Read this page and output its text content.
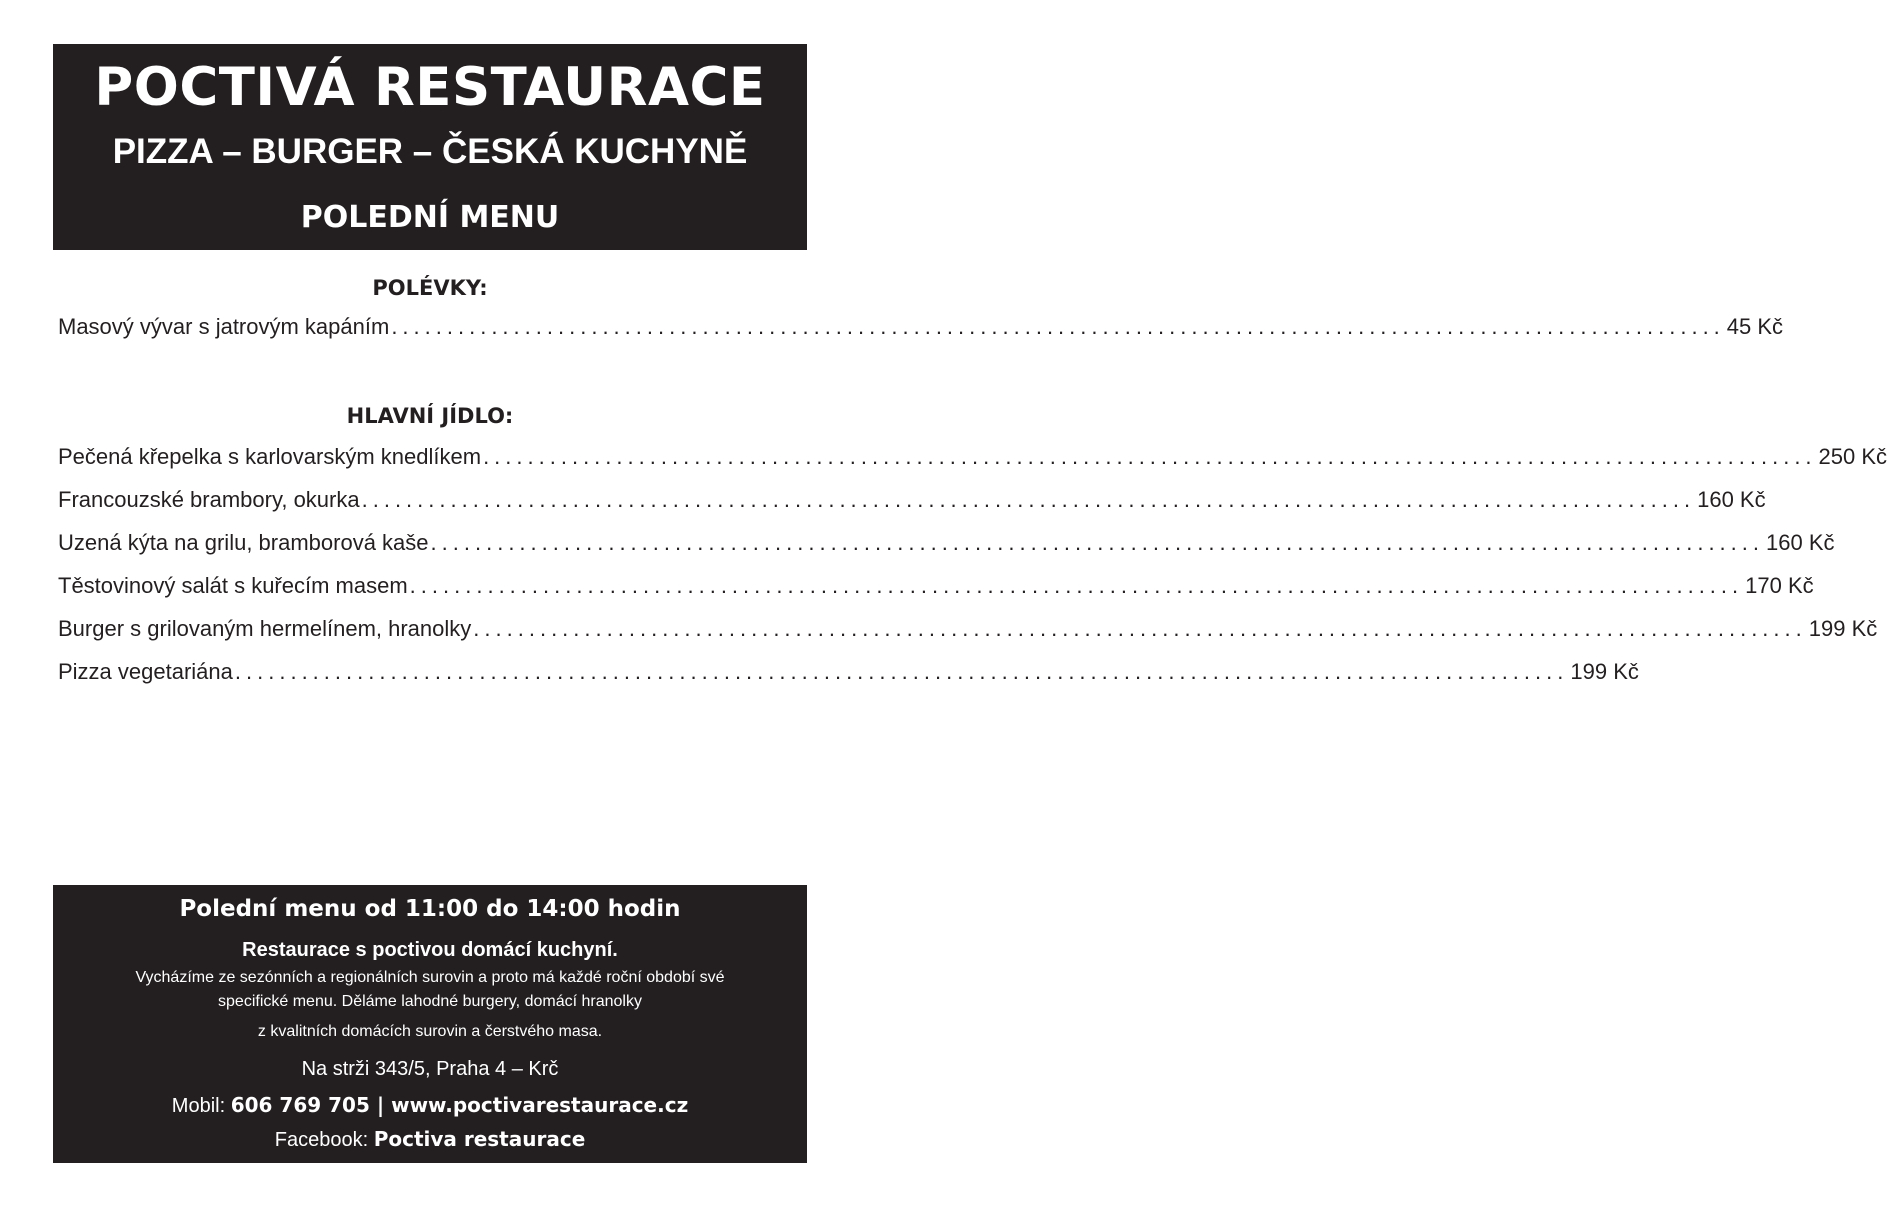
POCTIVÁ RESTAURACE
PIZZA – BURGER – ČESKÁ KUCHYNĚ
POLEDNÍ MENU
POLÉVKY:
Masový vývar s jatrovým kapáním ........................................................................................................................ 45 Kč
HLAVNÍ JÍDLO:
Pečená křepelka s karlovarským knedlíkem ........................................................................................................................ 250 Kč
Francouzské brambory, okurka ........................................................................................................................ 160 Kč
Uzená kýta na grilu, bramborová kaše ........................................................................................................................ 160 Kč
Těstovinový salát s kuřecím masem ........................................................................................................................ 170 Kč
Burger s grilovaným hermelínem, hranolky ........................................................................................................................ 199 Kč
Pizza vegetariána ........................................................................................................................ 199 Kč
Polední menu od 11:00 do 14:00 hodin
Restaurace s poctivou domácí kuchyní.
Vycházíme ze sezónních a regionálních surovin a proto má každé roční období své
specifické menu. Děláme lahodné burgery, domácí hranolky
z kvalitních domácích surovin a čerstvého masa.
Na strži 343/5, Praha 4 – Krč
Mobil: 606 769 705 | www.poctivarestaurace.cz
Facebook: Poctiva restaurace
